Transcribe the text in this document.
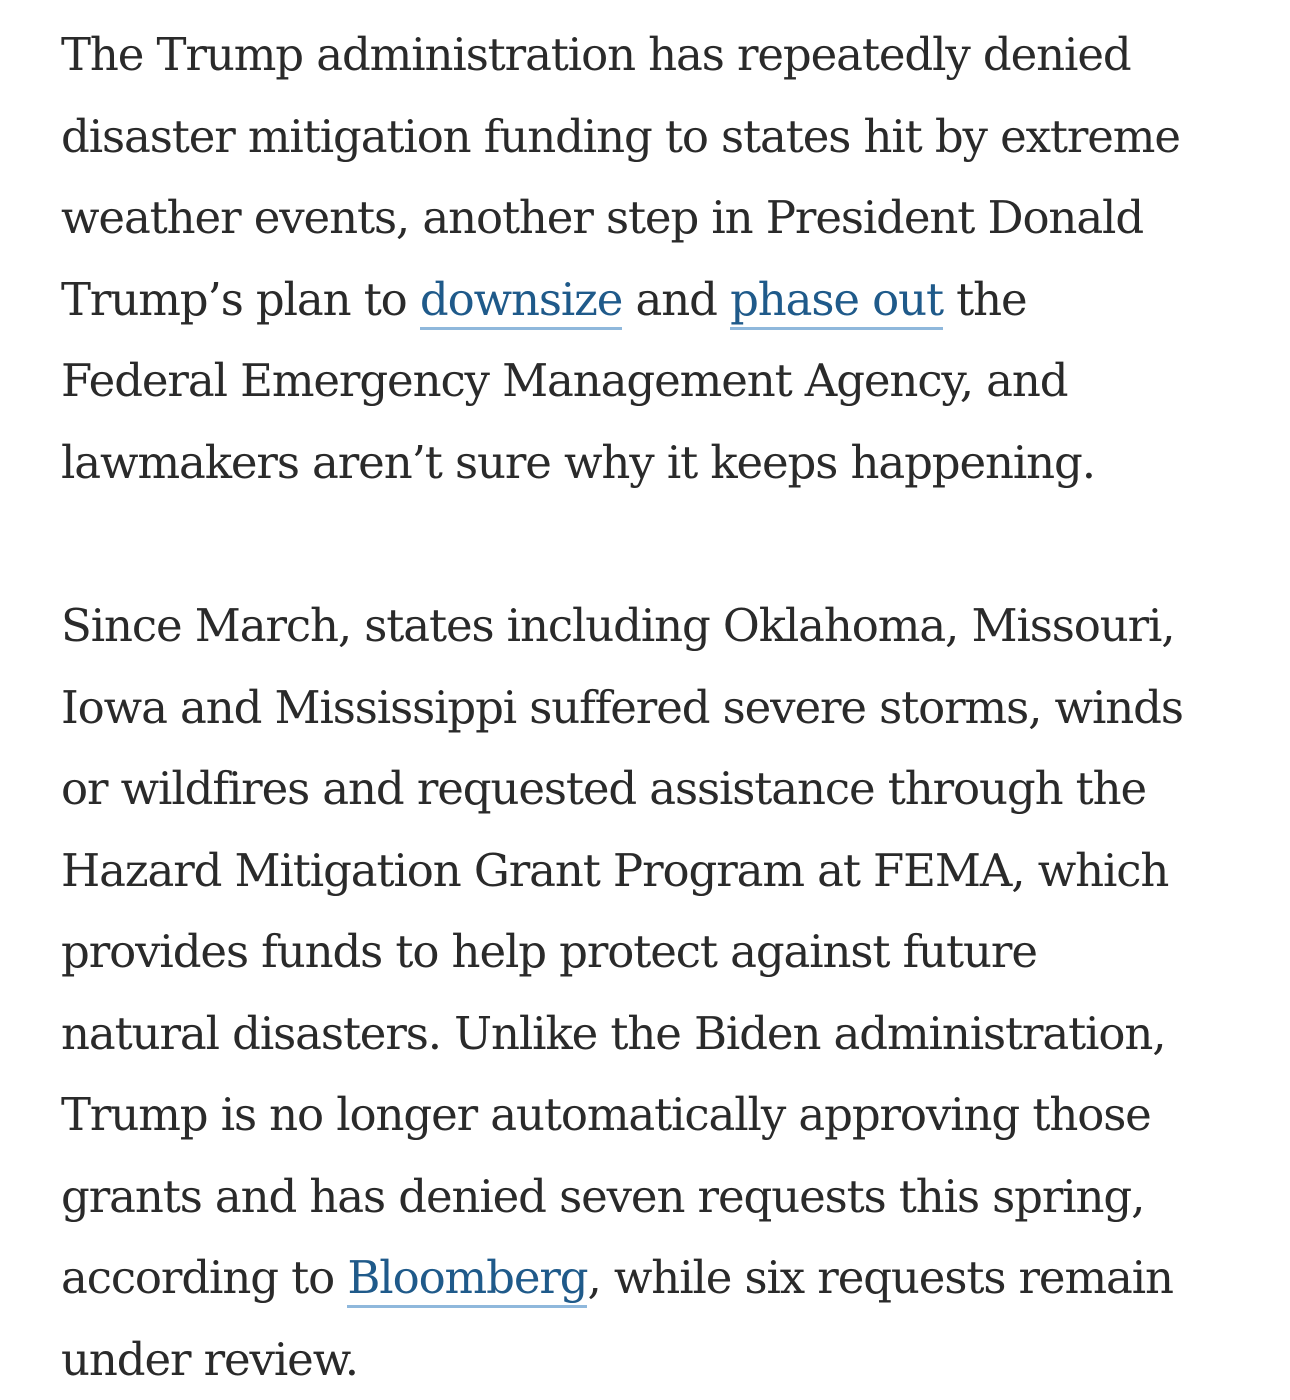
The Trump administration has repeatedly denied
disaster mitigation funding to states hit by extreme
weather events, another step in President Donald
Trump’s plan to downsize and phase out the
Federal Emergency Management Agency, and
lawmakers aren’t sure why it keeps happening.

Since March, states including Oklahoma, Missouri,
Iowa and Mississippi suffered severe storms, winds
or wildfires and requested assistance through the
Hazard Mitigation Grant Program at FEMA, which
provides funds to help protect against future
natural disasters. Unlike the Biden administration,
Trump is no longer automatically approving those
grants and has denied seven requests this spring,
according to Bloomberg, while six requests remain
under review.
